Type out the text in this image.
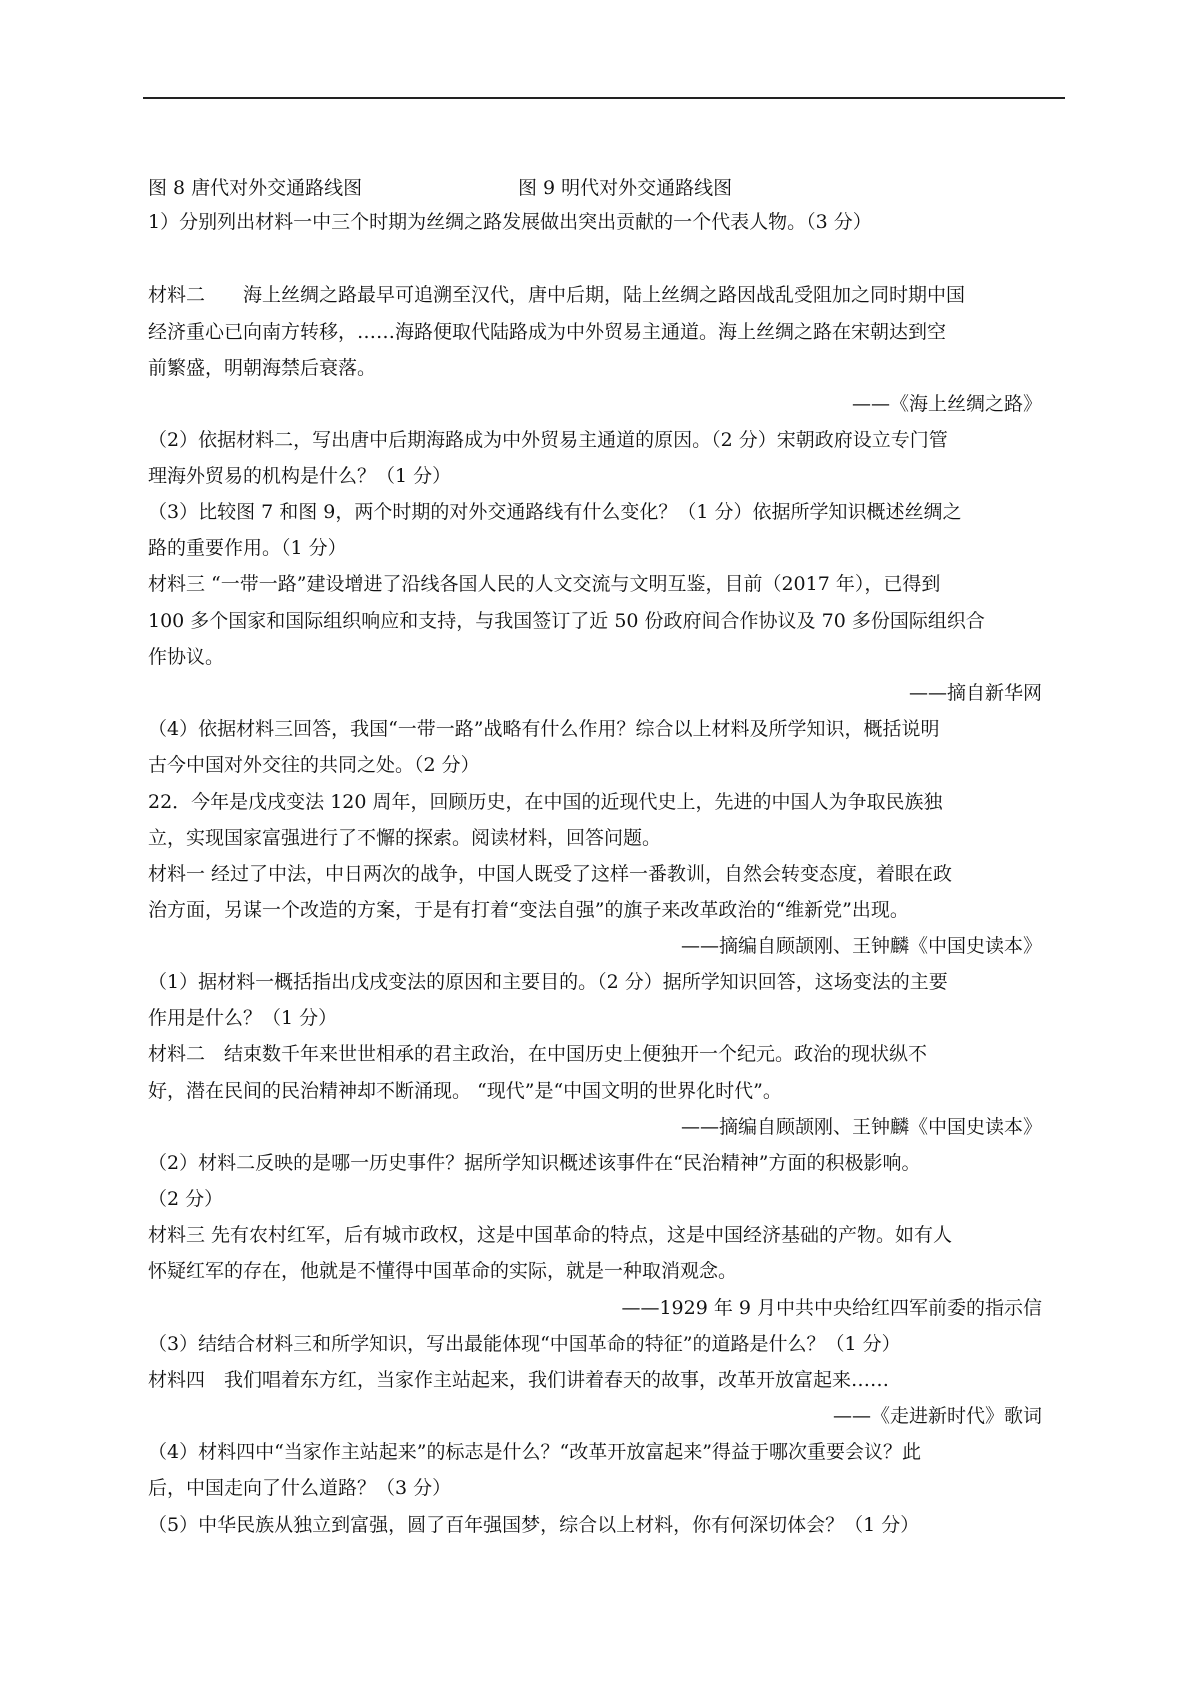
图 8 唐代对外交通路线图	图 9 明代对外交通路线图
1）分别列出材料一中三个时期为丝绸之路发展做出突出贡献的一个代表人物。（3 分）
材料二　　海上丝绸之路最早可追溯至汉代，唐中后期，陆上丝绸之路因战乱受阻加之同时期中国
经济重心已向南方转移，……海路便取代陆路成为中外贸易主通道。海上丝绸之路在宋朝达到空
前繁盛，明朝海禁后衰落。
——《海上丝绸之路》
（2）依据材料二，写出唐中后期海路成为中外贸易主通道的原因。（2 分）宋朝政府设立专门管
理海外贸易的机构是什么？（1 分）
（3）比较图 7 和图 9，两个时期的对外交通路线有什么变化？（1 分）依据所学知识概述丝绸之
路的重要作用。（1 分）
材料三 “一带一路”建设增进了沿线各国人民的人文交流与文明互鉴，目前（2017 年），已得到
100 多个国家和国际组织响应和支持，与我国签订了近 50 份政府间合作协议及 70 多份国际组织合
作协议。
——摘自新华网
（4）依据材料三回答，我国“一带一路”战略有什么作用？综合以上材料及所学知识，概括说明
古今中国对外交往的共同之处。（2 分）
22．今年是戊戌变法 120 周年，回顾历史，在中国的近现代史上，先进的中国人为争取民族独
立，实现国家富强进行了不懈的探索。阅读材料，回答问题。
材料一 经过了中法，中日两次的战争，中国人既受了这样一番教训，自然会转变态度，着眼在政
治方面，另谋一个改造的方案，于是有打着“变法自强”的旗子来改革政治的“维新党”出现。
——摘编自顾颉刚、王钟麟《中国史读本》
（1）据材料一概括指出戊戌变法的原因和主要目的。（2 分）据所学知识回答，这场变法的主要
作用是什么？（1 分）
材料二　结束数千年来世世相承的君主政治，在中国历史上便独开一个纪元。政治的现状纵不
好，潜在民间的民治精神却不断涌现。 “现代”是“中国文明的世界化时代”。
——摘编自顾颉刚、王钟麟《中国史读本》
（2）材料二反映的是哪一历史事件？据所学知识概述该事件在“民治精神”方面的积极影响。
（2 分）
材料三 先有农村红军，后有城市政权，这是中国革命的特点，这是中国经济基础的产物。如有人
怀疑红军的存在，他就是不懂得中国革命的实际，就是一种取消观念。
——1929 年 9 月中共中央给红四军前委的指示信
（3）结结合材料三和所学知识，写出最能体现“中国革命的特征”的道路是什么？（1 分）
材料四　我们唱着东方红，当家作主站起来，我们讲着春天的故事，改革开放富起来……
——《走进新时代》歌词
（4）材料四中“当家作主站起来”的标志是什么？“改革开放富起来”得益于哪次重要会议？此
后，中国走向了什么道路？（3 分）
（5）中华民族从独立到富强，圆了百年强国梦，综合以上材料，你有何深切体会？（1 分）
